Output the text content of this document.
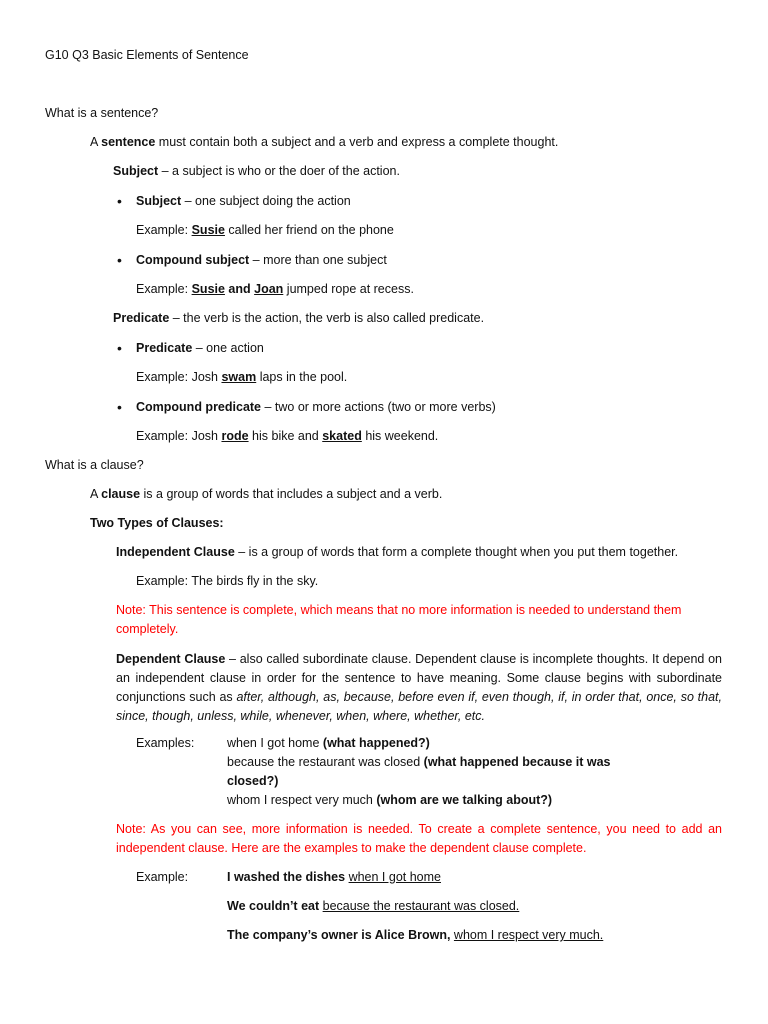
G10 Q3 Basic Elements of Sentence

What is a sentence?

A sentence must contain both a subject and a verb and express a complete thought.

Subject – a subject is who or the doer of the action.

• Subject – one subject doing the action

Example: Susie called her friend on the phone

• Compound subject – more than one subject

Example: Susie and Joan jumped rope at recess.

Predicate – the verb is the action, the verb is also called predicate.

• Predicate – one action

Example: Josh swam laps in the pool.

• Compound predicate – two or more actions (two or more verbs)

Example: Josh rode his bike and skated his weekend.

What is a clause?

A clause is a group of words that includes a subject and a verb.

Two Types of Clauses:

Independent Clause – is a group of words that form a complete thought when you put them together.

Example: The birds fly in the sky.

Note: This sentence is complete, which means that no more information is needed to understand them completely.

Dependent Clause – also called subordinate clause. Dependent clause is incomplete thoughts. It depend on an independent clause in order for the sentence to have meaning. Some clause begins with subordinate conjunctions such as after, although, as, because, before even if, even though, if, in order that, once, so that, since, though, unless, while, whenever, when, where, whether, etc.

Examples:	when I got home (what happened?)
because the restaurant was closed (what happened because it was
closed?)
whom I respect very much (whom are we talking about?)

Note: As you can see, more information is needed. To create a complete sentence, you need to add an independent clause. Here are the examples to make the dependent clause complete.

Example:	I washed the dishes when I got home

We couldn’t eat because the restaurant was closed.

The company’s owner is Alice Brown, whom I respect very much.
